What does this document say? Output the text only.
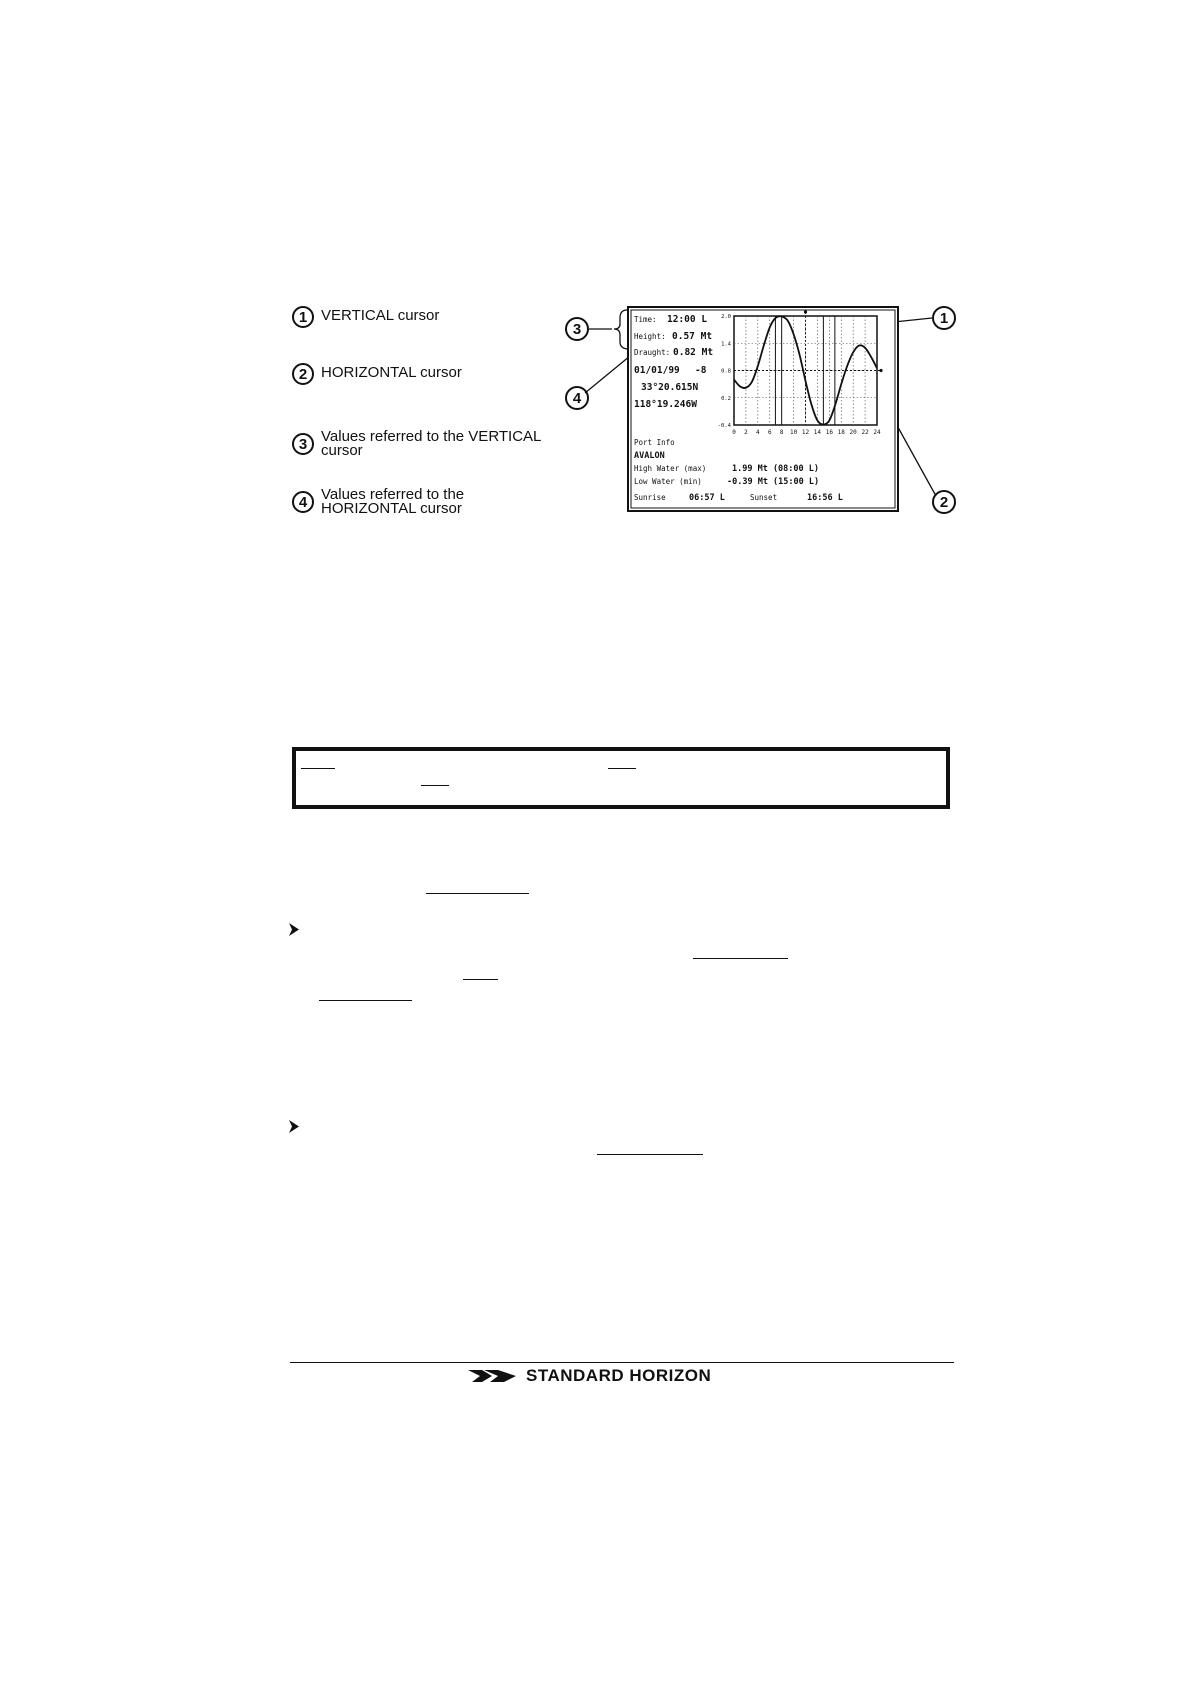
1 VERTICAL cursor
2 HORIZONTAL cursor
3 Values referred to the VERTICAL cursor
4 Values referred to the HORIZONTAL cursor
3
4
1
2
Time: 12:00 L
Height: 0.57 Mt
Draught: 0.82 Mt
01/01/99 -8
33°20.615N
118°19.246W
0 2 4 6 8 10 12 14 16 18 20 22 24
2.0
1.4
0.8
0.2
-0.4
Port Info
AVALON
High Water (max)	1.99 Mt (08:00 L)
Low Water (min)	-0.39 Mt (15:00 L)
Sunrise	06:57 L	Sunset	16:56 L
STANDARD HORIZON
